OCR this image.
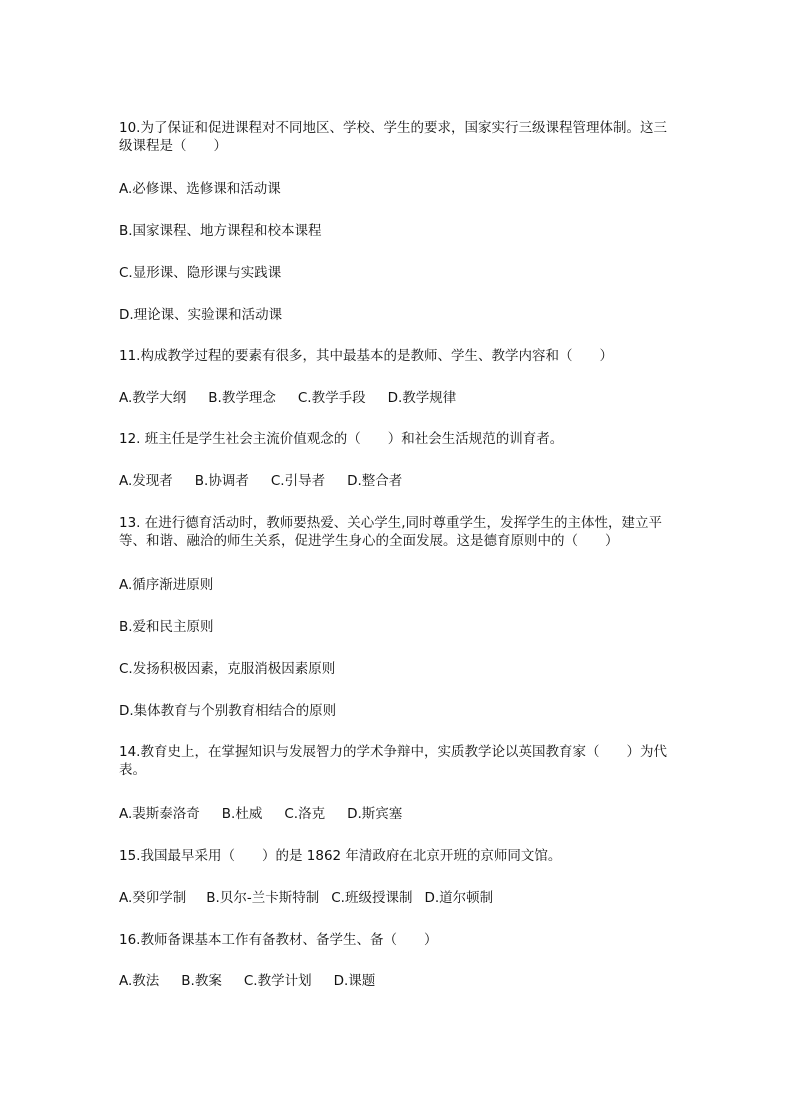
10.为了保证和促进课程对不同地区、学校、学生的要求，国家实行三级课程管理体制。这三级课程是（　　）
A.必修课、选修课和活动课
B.国家课程、地方课程和校本课程
C.显形课、隐形课与实践课
D.理论课、实验课和活动课
11.构成教学过程的要素有很多，其中最基本的是教师、学生、教学内容和（　　）
A.教学大纲 B.教学理念 C.教学手段 D.教学规律
12. 班主任是学生社会主流价值观念的（　　）和社会生活规范的训育者。
A.发现者 B.协调者 C.引导者 D.整合者
13. 在进行德育活动时，教师要热爱、关心学生,同时尊重学生，发挥学生的主体性，建立平等、和谐、融洽的师生关系，促进学生身心的全面发展。这是德育原则中的（　　）
A.循序渐进原则
B.爱和民主原则
C.发扬积极因素，克服消极因素原则
D.集体教育与个别教育相结合的原则
14.教育史上，在掌握知识与发展智力的学术争辩中，实质教学论以英国教育家（　　）为代表。
A.裴斯泰洛奇 B.杜威 C.洛克 D.斯宾塞
15.我国最早采用（　　）的是 1862 年清政府在北京开班的京师同文馆。
A.癸卯学制 B.贝尔-兰卡斯特制 C.班级授课制 D.道尔顿制
16.教师备课基本工作有备教材、备学生、备（　　）
A.教法 B.教案 C.教学计划 D.课题
